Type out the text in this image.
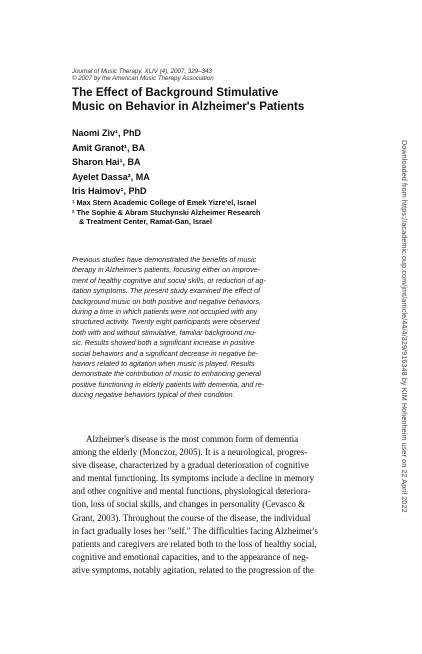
Journal of Music Therapy, XLIV (4), 2007, 329–343
© 2007 by the American Music Therapy Association
The Effect of Background Stimulative
Music on Behavior in Alzheimer's Patients
Naomi Ziv¹, PhD
Amit Granot¹, BA
Sharon Hai¹, BA
Ayelet Dassa², MA
Iris Haimov¹, PhD
¹ Max Stern Academic College of Emek Yizre'el, Israel
² The Sophie & Abram Stuchynski Alzheimer Research
& Treatment Center, Ramat-Gan, Israel
Previous studies have demonstrated the benefits of music
therapy in Alzheimer's patients, focusing either on improve-
ment of healthy cognitive and social skills, or reduction of ag-
itation symptoms. The present study examined the effect of
background music on both positive and negative behaviors,
during a time in which patients were not occupied with any
structured activity. Twenty eight participants were observed
both with and without stimulative, familiar background mu-
sic. Results showed both a significant increase in positive
social behaviors and a significant decrease in negative be-
haviors related to agitation when music is played. Results
demonstrate the contribution of music to enhancing general
positive functioning in elderly patients with dementia, and re-
ducing negative behaviors typical of their condition.
Alzheimer's disease is the most common form of dementia
among the elderly (Monczor, 2005). It is a neurological, progres-
sive disease, characterized by a gradual deterioration of cognitive
and mental functioning. Its symptoms include a decline in memory
and other cognitive and mental functions, physiological deteriora-
tion, loss of social skills, and changes in personality (Cevasco &
Grant, 2003). Throughout the course of the disease, the individual
in fact gradually loses her "self." The difficulties facing Alzheimer's
patients and caregivers are related both to the loss of healthy social,
cognitive and emotional capacities, and to the appearance of neg-
ative symptoms, notably agitation, related to the progression of the
Downloaded from https://academic.oup.com/jmt/article/44/4/329/916348 by KIM Hohenheim user on 22 April 2022
